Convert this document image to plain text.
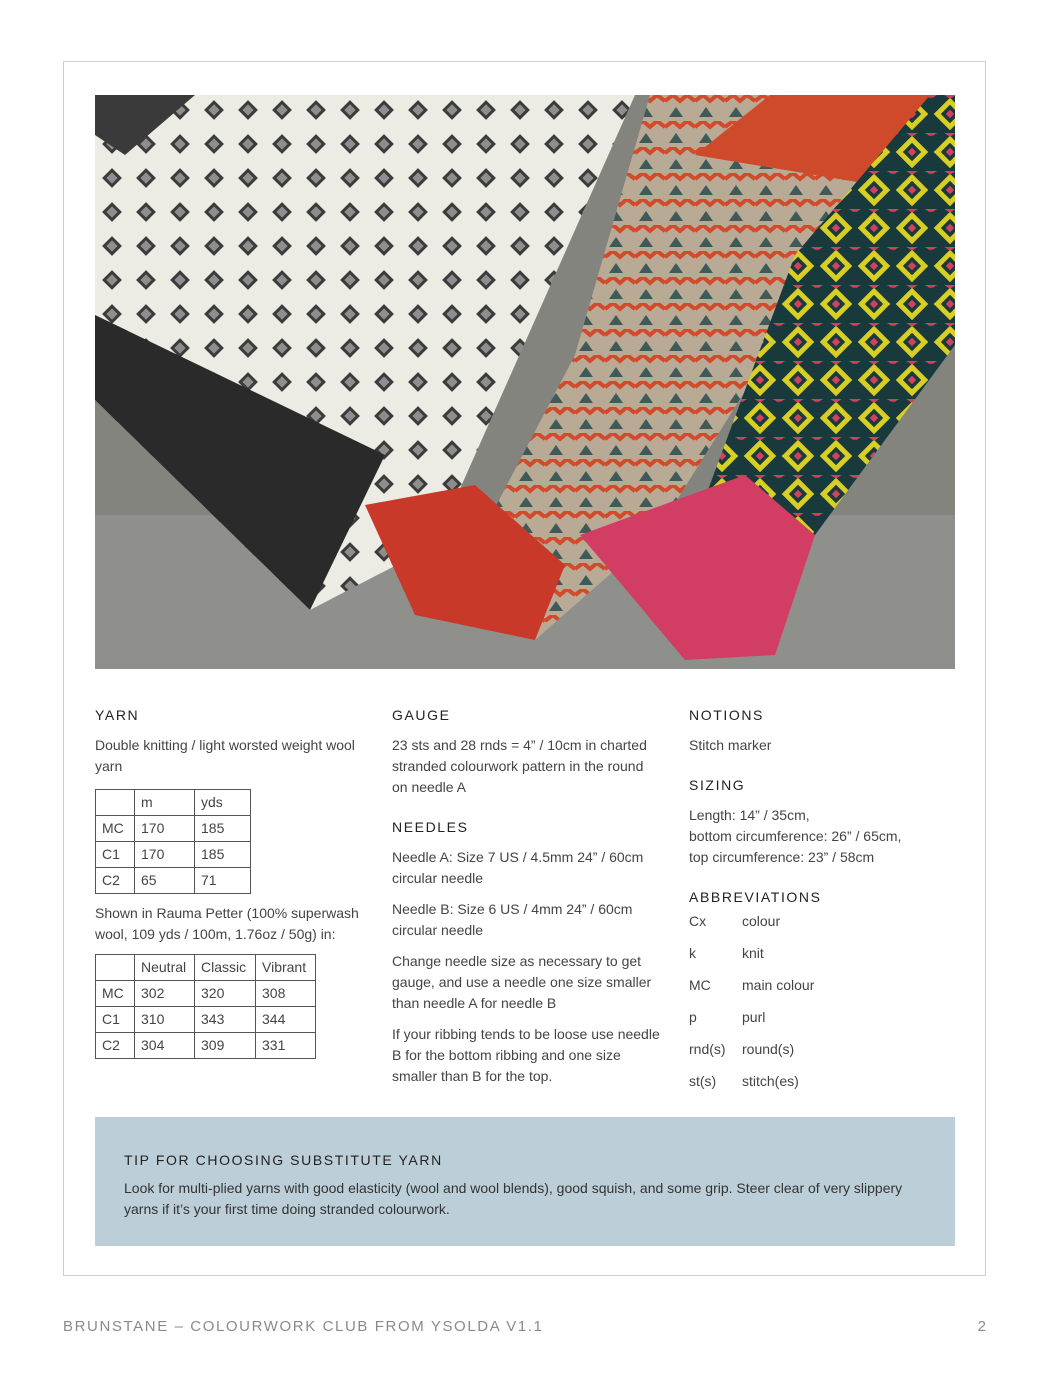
YARN

Double knitting / light worsted weight wool yarn

	m	yds
MC	170	185
C1	170	185
C2	65	71

Shown in Rauma Petter (100% superwash wool, 109 yds / 100m, 1.76oz / 50g) in:

	Neutral	Classic	Vibrant
MC	302	320	308
C1	310	343	344
C2	304	309	331
GAUGE

23 sts and 28 rnds = 4” / 10cm in charted stranded colourwork pattern in the round on needle A

NEEDLES

Needle A: Size 7 US / 4.5mm 24” / 60cm circular needle

Needle B: Size 6 US / 4mm 24” / 60cm circular needle

Change needle size as necessary to get gauge, and use a needle one size smaller than needle A for needle B

If your ribbing tends to be loose use needle B for the bottom ribbing and one size smaller than B for the top.

NOTIONS

Stitch marker

SIZING

Length: 14” / 35cm,

bottom circumference: 26” / 65cm,

top circumference: 23” / 58cm

ABBREVIATIONS
Cx	colour
k	knit
MC	main colour
p	purl
rnd(s)	round(s)
st(s)	stitch(es)
TIP FOR CHOOSING SUBSTITUTE YARN

Look for multi-plied yarns with good elasticity (wool and wool blends), good squish, and some grip. Steer clear of very slippery yarns if it’s your first time doing stranded colourwork.

BRUNSTANE – COLOURWORK CLUB FROM YSOLDA V1.1	2
